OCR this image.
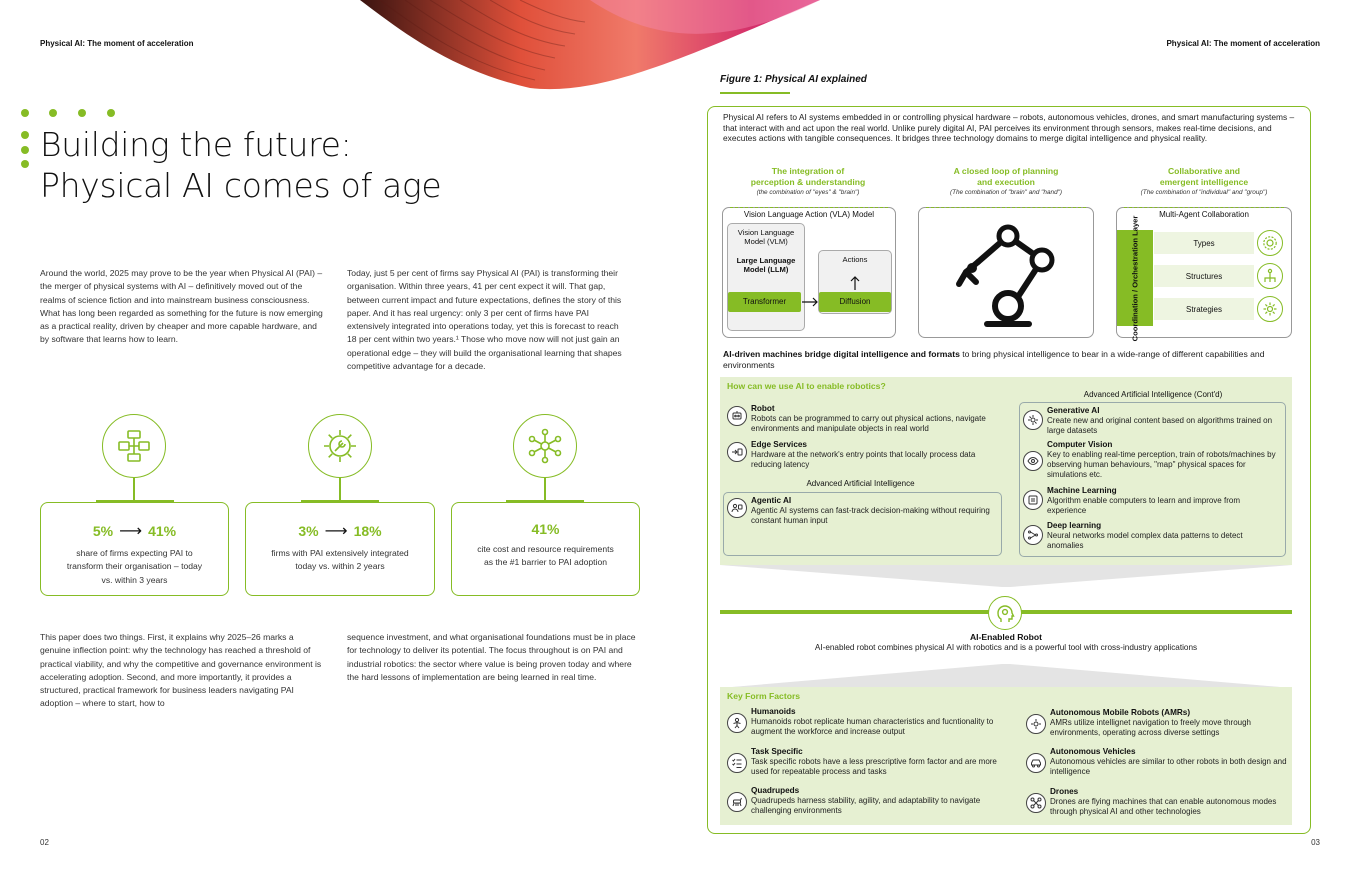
Physical AI: The moment of acceleration	Physical AI: The moment of acceleration
Building the future:
Physical AI comes of age

Around the world, 2025 may prove to be the year when Physical AI (PAI) – the merger of physical systems with AI – definitively moved out of the realms of science fiction and into mainstream business consciousness. What has long been regarded as something for the future is now emerging as a practical reality, driven by cheaper and more capable hardware, and by software that learns how to learn.

Today, just 5 per cent of firms say Physical AI (PAI) is transforming their organisation. Within three years, 41 per cent expect it will. That gap, between current impact and future expectations, defines the story of this paper. And it has real urgency: only 3 per cent of firms have PAI extensively integrated into operations today, yet this is forecast to reach 18 per cent within two years.¹ Those who move now will not just gain an operational edge – they will build the organisational learning that shapes competitive advantage for a decade.

5% ⟶ 41%
share of firms expecting PAI to transform their organisation – today vs. within 3 years
3% ⟶ 18%
firms with PAI extensively integrated today vs. within 2 years
41%
cite cost and resource requirements as the #1 barrier to PAI adoption

This paper does two things. First, it explains why 2025–26 marks a genuine inflection point: why the technology has reached a threshold of practical viability, and why the competitive and governance environment is accelerating adoption. Second, and more importantly, it provides a structured, practical framework for business leaders navigating PAI adoption – where to start, how to

sequence investment, and what organisational foundations must be in place for technology to deliver its potential. The focus throughout is on PAI and industrial robotics: the sector where value is being proven today and where the hard lessons of implementation are being learned in real time.

02	03
Figure 1: Physical AI explained

Physical AI refers to AI systems embedded in or controlling physical hardware – robots, autonomous vehicles, drones, and smart manufacturing systems – that interact with and act upon the real world. Unlike purely digital AI, PAI perceives its environment through sensors, makes real-time decisions, and executes actions with tangible consequences. It bridges three technology domains to merge digital intelligence and physical reality.

The integration of
perception & understanding
(the combination of "eyes" & "brain")
A closed loop of planning
and execution
(The combination of "brain" and "hand")
Collaborative and
emergent intelligence
(The combination of "individual" and "group")
Vision Language Action (VLA) Model
Vision Language Model (VLM)
Large Language Model (LLM)
Actions
Transformer	Diffusion
Multi-Agent Collaboration
Coordination / Orchestration Layer	Types
Structures
Strategies

AI-driven machines bridge digital intelligence and formats to bring physical intelligence to bear in a wide-range of different capabilities and environments

How can we use AI to enable robotics?
Robot
Robots can be programmed to carry out physical actions, navigate environments and manipulate objects in real world
Edge Services
Hardware at the network's entry points that locally process data reducing latency
Advanced Artificial Intelligence
Agentic AI
Agentic AI systems can fast-track decision-making without requiring constant human input
Advanced Artificial Intelligence (Cont'd)
Generative AI
Create new and original content based on algorithms trained on large datasets
Computer Vision
Key to enabling real-time perception, train of robots/machines by observing human behaviours, "map" physical spaces for simulations etc.
Machine Learning
Algorithm enable computers to learn and improve from experience
Deep learning
Neural networks model complex data patterns to detect anomalies
AI-Enabled Robot
AI-enabled robot combines physical AI with robotics and is a powerful tool with cross-industry applications
Key Form Factors
Humanoids
Humanoids robot replicate human characteristics and fucntionality to augment the workforce and increase output
Task Specific
Task specific robots have a less prescriptive form factor and are more used for repeatable process and tasks
Quadrupeds
Quadrupeds harness stability, agility, and adaptability to navigate challenging environments
Autonomous Mobile Robots (AMRs)
AMRs utilize intellignet navigation to freely move through environments, operating across diverse settings
Autonomous Vehicles
Autonomous vehicles are similar to other robots in both design and intelligence
Drones
Drones are flying machines that can enable autonomous modes through physical AI and other technologies
